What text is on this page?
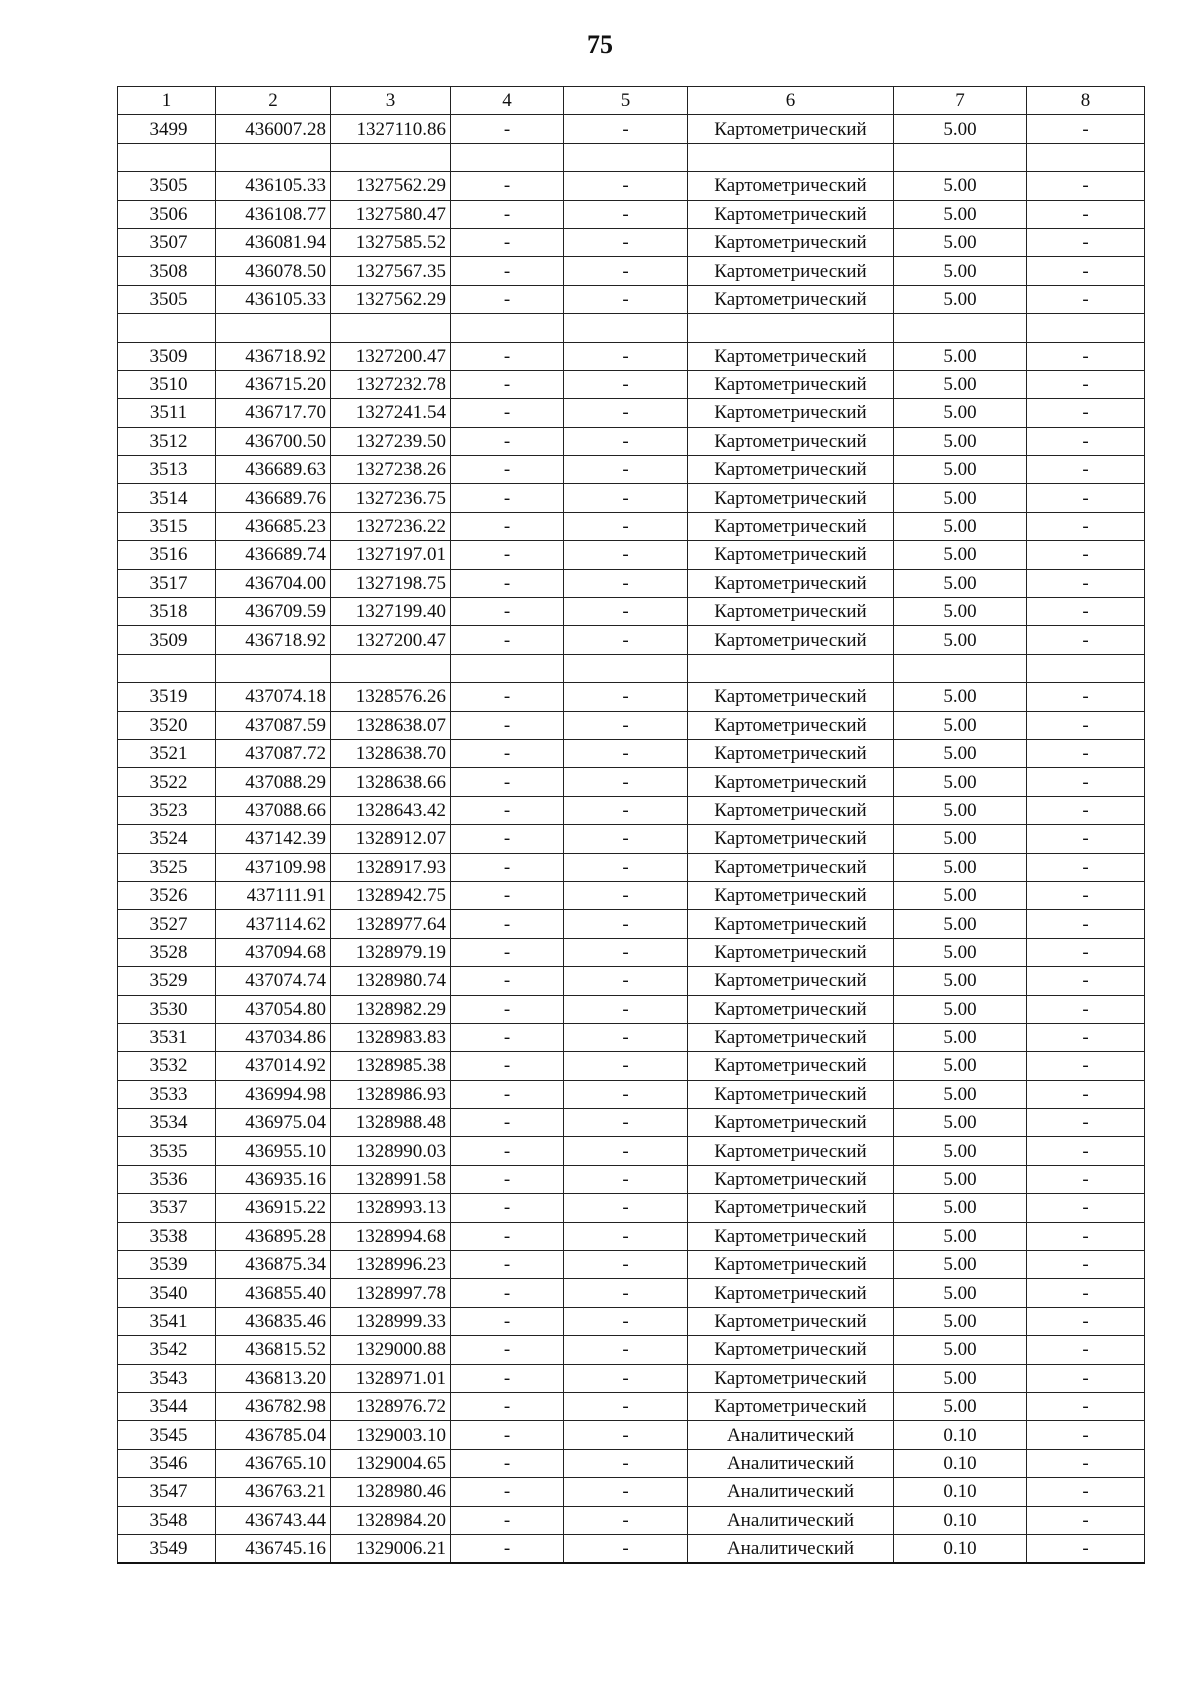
75
1	2	3	4	5	6	7	8
3499	436007.28	1327110.86	-	-	Картометрический	5.00	-

3505	436105.33	1327562.29	-	-	Картометрический	5.00	-
3506	436108.77	1327580.47	-	-	Картометрический	5.00	-
3507	436081.94	1327585.52	-	-	Картометрический	5.00	-
3508	436078.50	1327567.35	-	-	Картометрический	5.00	-
3505	436105.33	1327562.29	-	-	Картометрический	5.00	-

3509	436718.92	1327200.47	-	-	Картометрический	5.00	-
3510	436715.20	1327232.78	-	-	Картометрический	5.00	-
3511	436717.70	1327241.54	-	-	Картометрический	5.00	-
3512	436700.50	1327239.50	-	-	Картометрический	5.00	-
3513	436689.63	1327238.26	-	-	Картометрический	5.00	-
3514	436689.76	1327236.75	-	-	Картометрический	5.00	-
3515	436685.23	1327236.22	-	-	Картометрический	5.00	-
3516	436689.74	1327197.01	-	-	Картометрический	5.00	-
3517	436704.00	1327198.75	-	-	Картометрический	5.00	-
3518	436709.59	1327199.40	-	-	Картометрический	5.00	-
3509	436718.92	1327200.47	-	-	Картометрический	5.00	-

3519	437074.18	1328576.26	-	-	Картометрический	5.00	-
3520	437087.59	1328638.07	-	-	Картометрический	5.00	-
3521	437087.72	1328638.70	-	-	Картометрический	5.00	-
3522	437088.29	1328638.66	-	-	Картометрический	5.00	-
3523	437088.66	1328643.42	-	-	Картометрический	5.00	-
3524	437142.39	1328912.07	-	-	Картометрический	5.00	-
3525	437109.98	1328917.93	-	-	Картометрический	5.00	-
3526	437111.91	1328942.75	-	-	Картометрический	5.00	-
3527	437114.62	1328977.64	-	-	Картометрический	5.00	-
3528	437094.68	1328979.19	-	-	Картометрический	5.00	-
3529	437074.74	1328980.74	-	-	Картометрический	5.00	-
3530	437054.80	1328982.29	-	-	Картометрический	5.00	-
3531	437034.86	1328983.83	-	-	Картометрический	5.00	-
3532	437014.92	1328985.38	-	-	Картометрический	5.00	-
3533	436994.98	1328986.93	-	-	Картометрический	5.00	-
3534	436975.04	1328988.48	-	-	Картометрический	5.00	-
3535	436955.10	1328990.03	-	-	Картометрический	5.00	-
3536	436935.16	1328991.58	-	-	Картометрический	5.00	-
3537	436915.22	1328993.13	-	-	Картометрический	5.00	-
3538	436895.28	1328994.68	-	-	Картометрический	5.00	-
3539	436875.34	1328996.23	-	-	Картометрический	5.00	-
3540	436855.40	1328997.78	-	-	Картометрический	5.00	-
3541	436835.46	1328999.33	-	-	Картометрический	5.00	-
3542	436815.52	1329000.88	-	-	Картометрический	5.00	-
3543	436813.20	1328971.01	-	-	Картометрический	5.00	-
3544	436782.98	1328976.72	-	-	Картометрический	5.00	-
3545	436785.04	1329003.10	-	-	Аналитический	0.10	-
3546	436765.10	1329004.65	-	-	Аналитический	0.10	-
3547	436763.21	1328980.46	-	-	Аналитический	0.10	-
3548	436743.44	1328984.20	-	-	Аналитический	0.10	-
3549	436745.16	1329006.21	-	-	Аналитический	0.10	-
